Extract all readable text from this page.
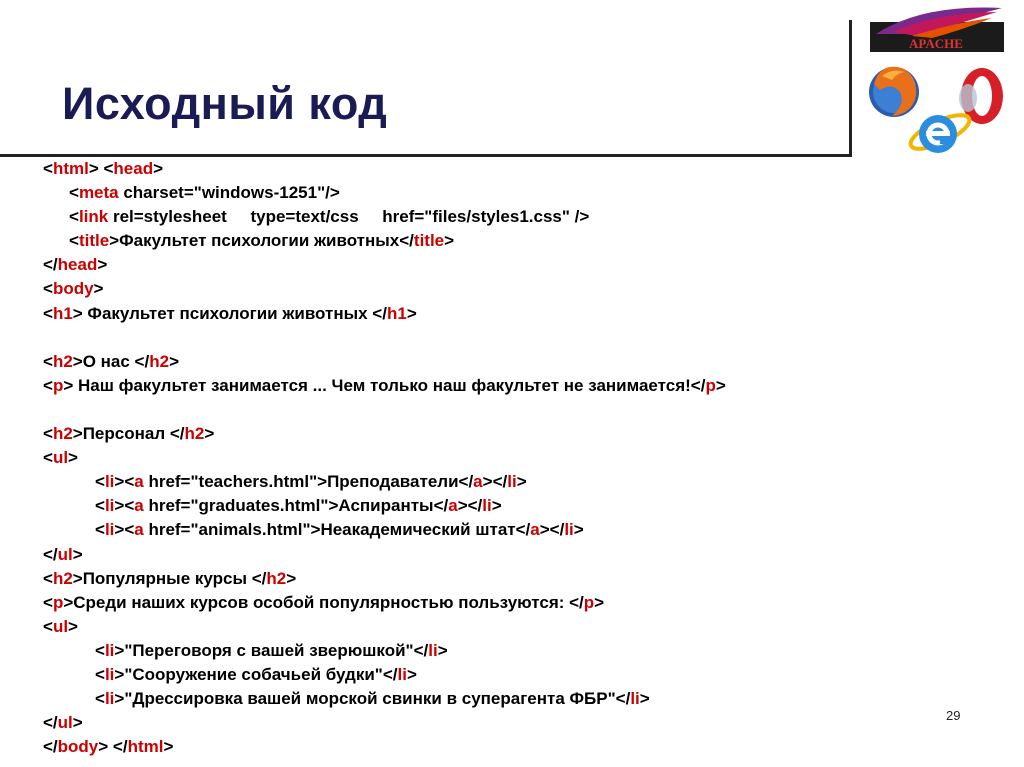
Исходный код
APACHE
<html> <head>
<meta charset="windows-1251"/>
<link rel=stylesheet     type=text/css     href="files/styles1.css" />
<title>Факультет психологии животных</title>
</head>
<body>
<h1> Факультет психологии животных </h1>
<h2>О нас </h2>
<p> Наш факультет занимается ... Чем только наш факультет не занимается!</p>
<h2>Персонал </h2>
<ul>
<li><a href="teachers.html">Преподаватели</a></li>
<li><a href="graduates.html">Аспиранты</a></li>
<li><a href="animals.html">Неакадемический штат</a></li>
</ul>
<h2>Популярные курсы </h2>
<p>Среди наших курсов особой популярностью пользуются: </p>
<ul>
<li>"Переговоря с вашей зверюшкой"</li>
<li>"Сооружение собачьей будки"</li>
<li>"Дрессировка вашей морской свинки в суперагента ФБР"</li>
</ul>
</body> </html>
29
